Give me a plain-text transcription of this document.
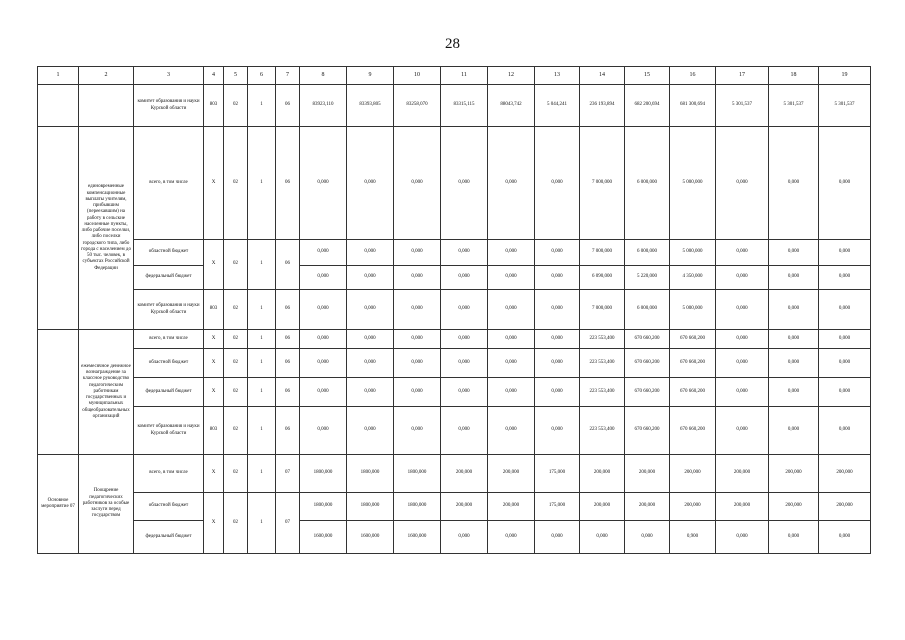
28
1	2	3	4	5	6	7	8	9	10	11	12	13	14	15	16	17	18	19
		комитет образования и науки Курской области	803	02	1	06	83923,110	83393,805	83258,070	83315,115	88043,742	5 044,241	236 193,894	682 200,694	681 300,694	5 301,537	5 301,537	5 301,537
	единовременные компенсационные выплаты учителям, прибывшим (переехавшим) на работу в сельские населенные пункты, либо рабочие поселки, либо поселки городского типа, либо города с населением до 50 тыс. человек, в субъектах Российской Федерации	всего, в том числе	X	02	1	06	0,000	0,000	0,000	0,000	0,000	0,000	7 000,000	6 000,000	5 000,000	0,000	0,000	0,000
		областной бюджет	X	02	1	06	0,000	0,000	0,000	0,000	0,000	0,000	7 000,000	6 000,000	5 000,000	0,000	0,000	0,000
		федеральный бюджет					0,000	0,000	0,000	0,000	0,000	0,000	6 090,000	5 220,000	4 350,000	0,000	0,000	0,000
		комитет образования и науки Курской области	803	02	1	06	0,000	0,000	0,000	0,000	0,000	0,000	7 000,000	6 000,000	5 000,000	0,000	0,000	0,000
	ежемесячное денежное вознаграждение за классное руководство педагогическим работникам государственных и муниципальных общеобразовательных организаций	всего, в том числе	X	02	1	06	0,000	0,000	0,000	0,000	0,000	0,000	223 553,400	670 660,200	670 660,200	0,000	0,000	0,000
		областной бюджет	X	02	1	06	0,000	0,000	0,000	0,000	0,000	0,000	223 553,400	670 660,200	670 660,200	0,000	0,000	0,000
		федеральный бюджет	X	02	1	06	0,000	0,000	0,000	0,000	0,000	0,000	223 553,400	670 660,200	670 660,200	0,000	0,000	0,000
		комитет образования и науки Курской области	803	02	1	06	0,000	0,000	0,000	0,000	0,000	0,000	223 553,400	670 660,200	670 660,200	0,000	0,000	0,000
Основное мероприятие 07	Поощрение педагогических работников за особые заслуги перед государством	всего, в том числе	X	02	1	07	1800,000	1800,000	1800,000	200,000	200,000	175,000	200,000	200,000	200,000	200,000	200,000	200,000
		областной бюджет	X	02	1	07	1800,000	1800,000	1800,000	200,000	200,000	175,000	200,000	200,000	200,000	200,000	200,000	200,000
		федеральный бюджет					1600,000	1600,000	1600,000	0,000	0,000	0,000	0,000	0,000	0,900	0,000	0,000	0,000
